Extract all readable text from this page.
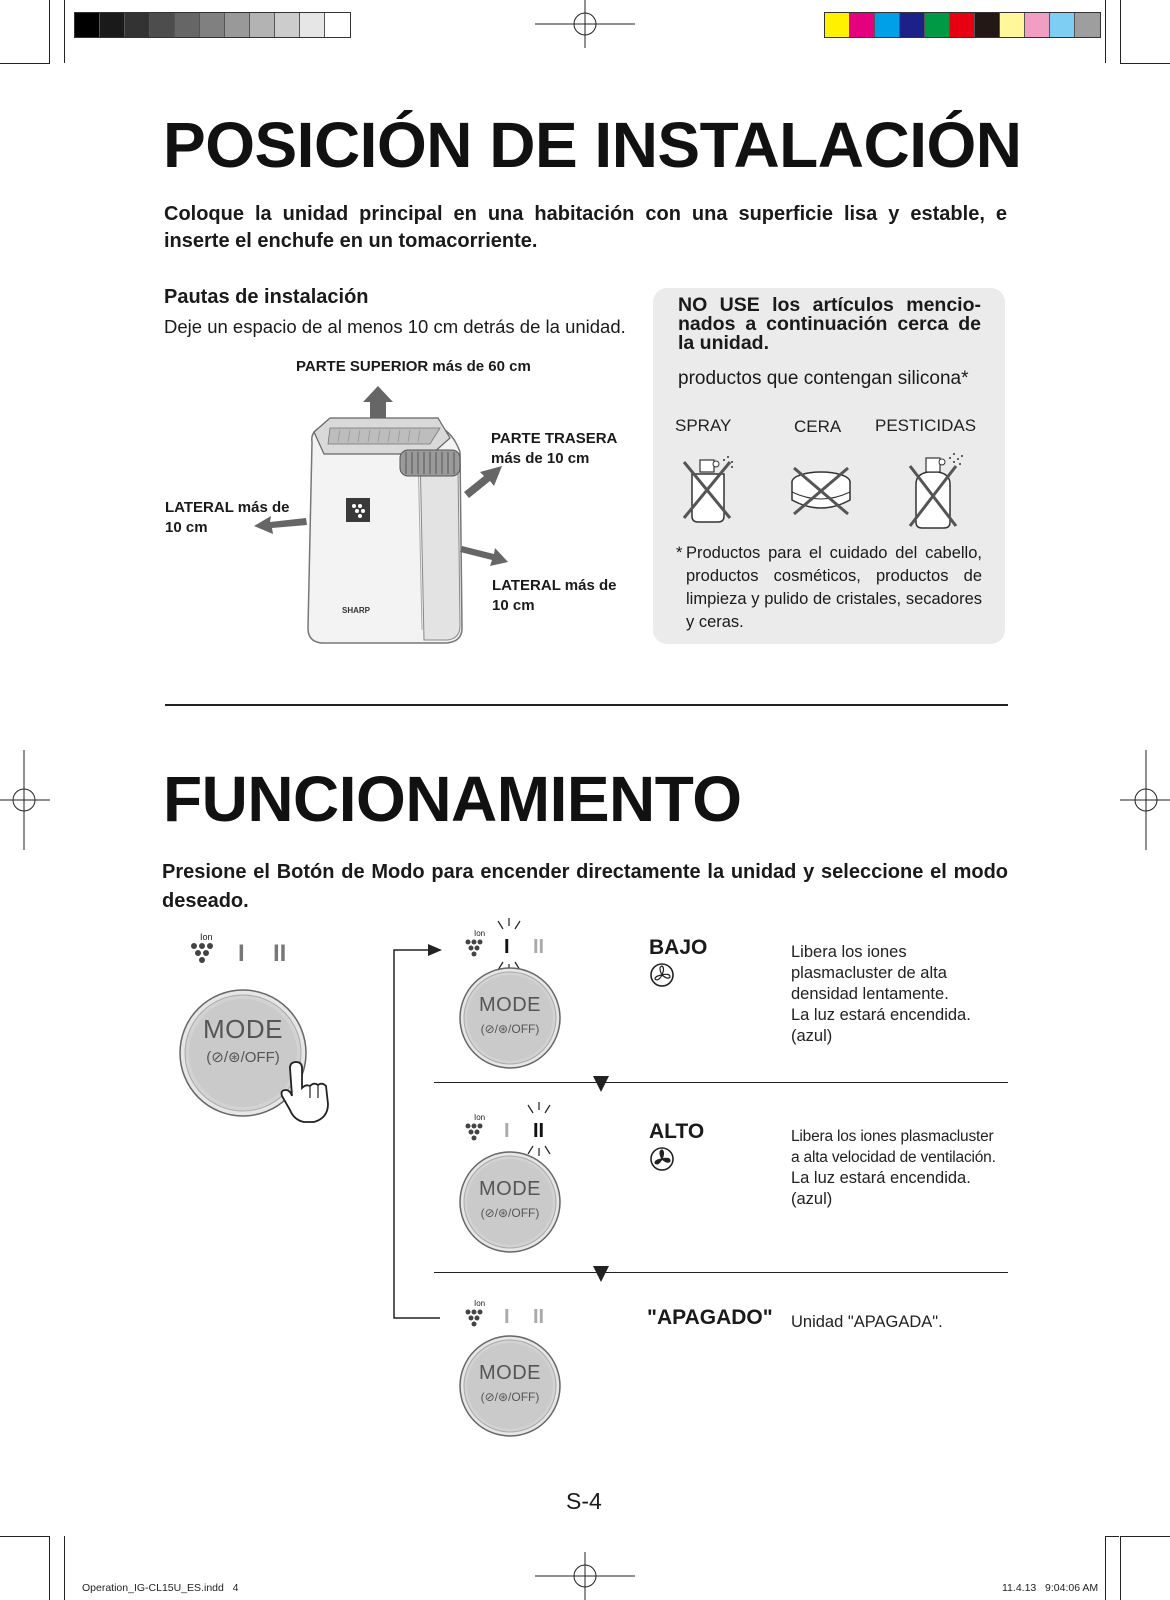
POSICIÓN DE INSTALACIÓN

Coloque la unidad principal en una habitación con una superficie lisa y estable, e inserte el enchufe en un tomacorriente.

Pautas de instalación

Deje un espacio de al menos 10 cm detrás de la unidad.

PARTE SUPERIOR más de 60 cm
PARTE TRASERA
más de 10 cm
LATERAL más de
10 cm
LATERAL más de
10 cm
SHARP
NO USE los artículos mencio-nados a continuación cerca de la unidad.
productos que contengan silicona*
SPRAY	CERA PESTICIDAS
* Productos para el cuidado del cabello, productos cosméticos, productos de limpieza y pulido de cristales, secadores y ceras.
FUNCIONAMIENTO

Presione el Botón de Modo para encender directamente la unidad y seleccione el modo deseado.

Ion
I II
MODE
(⊘/⊛/OFF)
Ion
I II
MODE
(⊘/⊛/OFF)
BAJO	Libera los iones

plasmacluster de alta

densidad lentamente.

La luz estará encendida.

(azul)

Ion
I II
MODE
(⊘/⊛/OFF)
ALTO	Libera los iones plasmacluster

a alta velocidad de ventilación.

La luz estará encendida.

(azul)

Ion
I II
MODE
(⊘/⊛/OFF)
"APAGADO" Unidad "APAGADA".

S-4
Operation_IG-CL15U_ES.indd   4	11.4.13   9:04:06 AM
